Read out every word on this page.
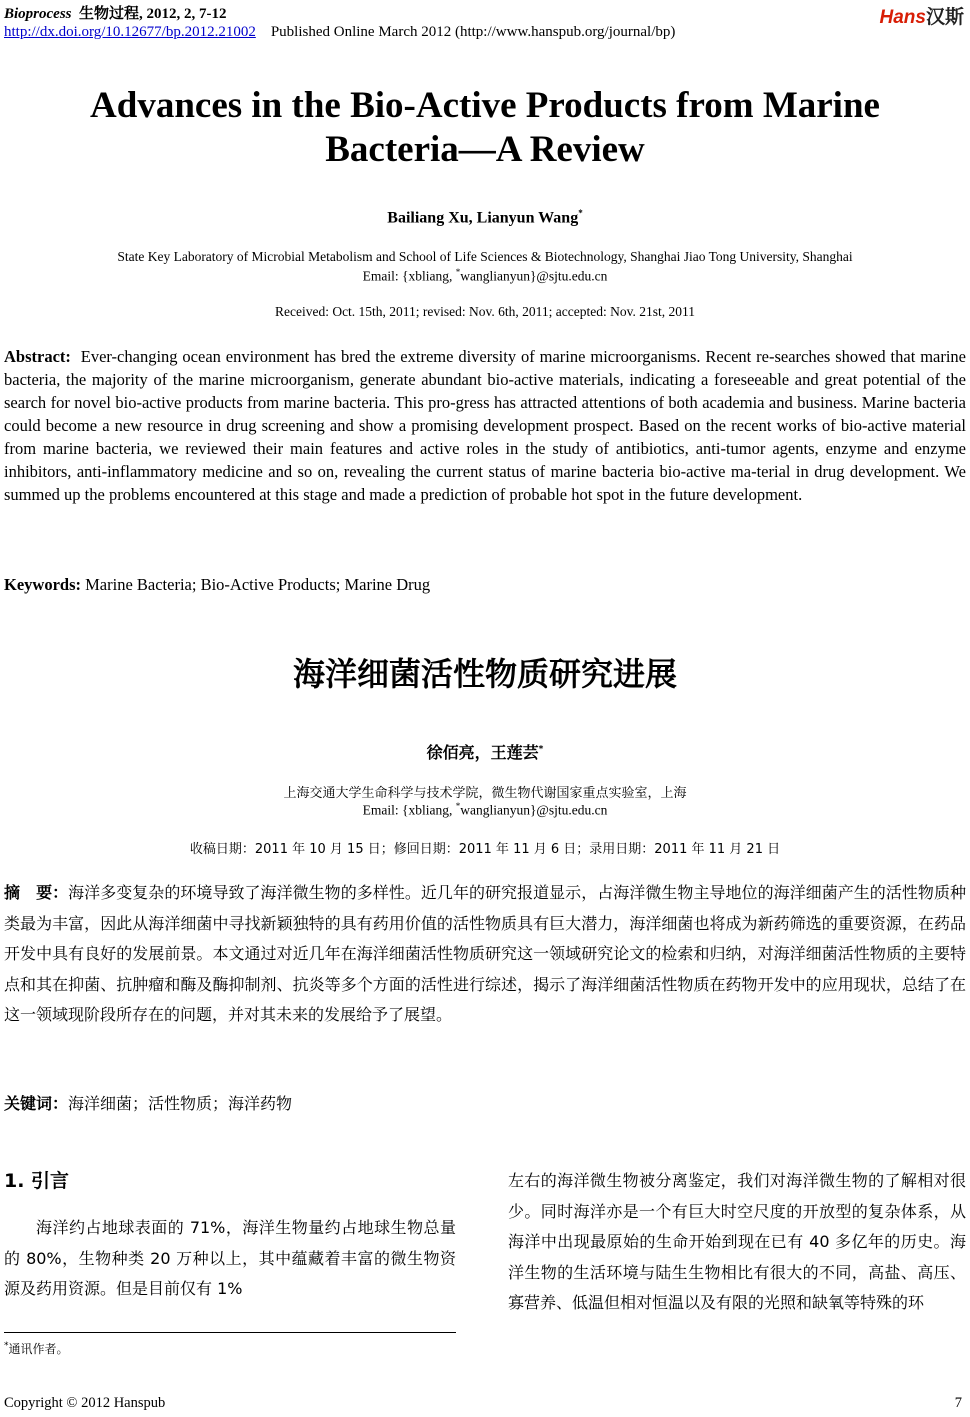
Bioprocess 生物过程, 2012, 2, 7-12
http://dx.doi.org/10.12677/bp.2012.21002 Published Online March 2012 (http://www.hanspub.org/journal/bp)
Hans汉斯
Advances in the Bio-Active Products from Marine
Bacteria—A Review
Bailiang Xu, Lianyun Wang*
State Key Laboratory of Microbial Metabolism and School of Life Sciences & Biotechnology, Shanghai Jiao Tong University, Shanghai
Email: {xbliang, *wanglianyun}@sjtu.edu.cn
Received: Oct. 15th, 2011; revised: Nov. 6th, 2011; accepted: Nov. 21st, 2011
Abstract: Ever-changing ocean environment has bred the extreme diversity of marine microorganisms. Recent re-searches showed that marine bacteria, the majority of the marine microorganism, generate abundant bio-active materials, indicating a foreseeable and great potential of the search for novel bio-active products from marine bacteria. This pro-gress has attracted attentions of both academia and business. Marine bacteria could become a new resource in drug screening and show a promising development prospect. Based on the recent works of bio-active material from marine bacteria, we reviewed their main features and active roles in the study of antibiotics, anti-tumor agents, enzyme and enzyme inhibitors, anti-inflammatory medicine and so on, revealing the current status of marine bacteria bio-active ma-terial in drug development. We summed up the problems encountered at this stage and made a prediction of probable hot spot in the future development.
Keywords: Marine Bacteria; Bio-Active Products; Marine Drug
海洋细菌活性物质研究进展
徐佰亮，王莲芸*
上海交通大学生命科学与技术学院，微生物代谢国家重点实验室，上海
Email: {xbliang, *wanglianyun}@sjtu.edu.cn
收稿日期：2011 年 10 月 15 日；修回日期：2011 年 11 月 6 日；录用日期：2011 年 11 月 21 日
摘　要：海洋多变复杂的环境导致了海洋微生物的多样性。近几年的研究报道显示，占海洋微生物主导地位的海洋细菌产生的活性物质种类最为丰富，因此从海洋细菌中寻找新颖独特的具有药用价值的活性物质具有巨大潜力，海洋细菌也将成为新药筛选的重要资源，在药品开发中具有良好的发展前景。本文通过对近几年在海洋细菌活性物质研究这一领域研究论文的检索和归纳，对海洋细菌活性物质的主要特点和其在抑菌、抗肿瘤和酶及酶抑制剂、抗炎等多个方面的活性进行综述，揭示了海洋细菌活性物质在药物开发中的应用现状，总结了在这一领域现阶段所存在的问题，并对其未来的发展给予了展望。
关键词：海洋细菌；活性物质；海洋药物
1. 引言
海洋约占地球表面的 71%，海洋生物量约占地球生物总量的 80%，生物种类 20 万种以上，其中蕴藏着丰富的微生物资源及药用资源。但是目前仅有 1%
左右的海洋微生物被分离鉴定，我们对海洋微生物的了解相对很少。同时海洋亦是一个有巨大时空尺度的开放型的复杂体系，从海洋中出现最原始的生命开始到现在已有 40 多亿年的历史。海洋生物的生活环境与陆生生物相比有很大的不同，高盐、高压、寡营养、低温但相对恒温以及有限的光照和缺氧等特殊的环
*通讯作者。
Copyright © 2012 Hanspub	7
